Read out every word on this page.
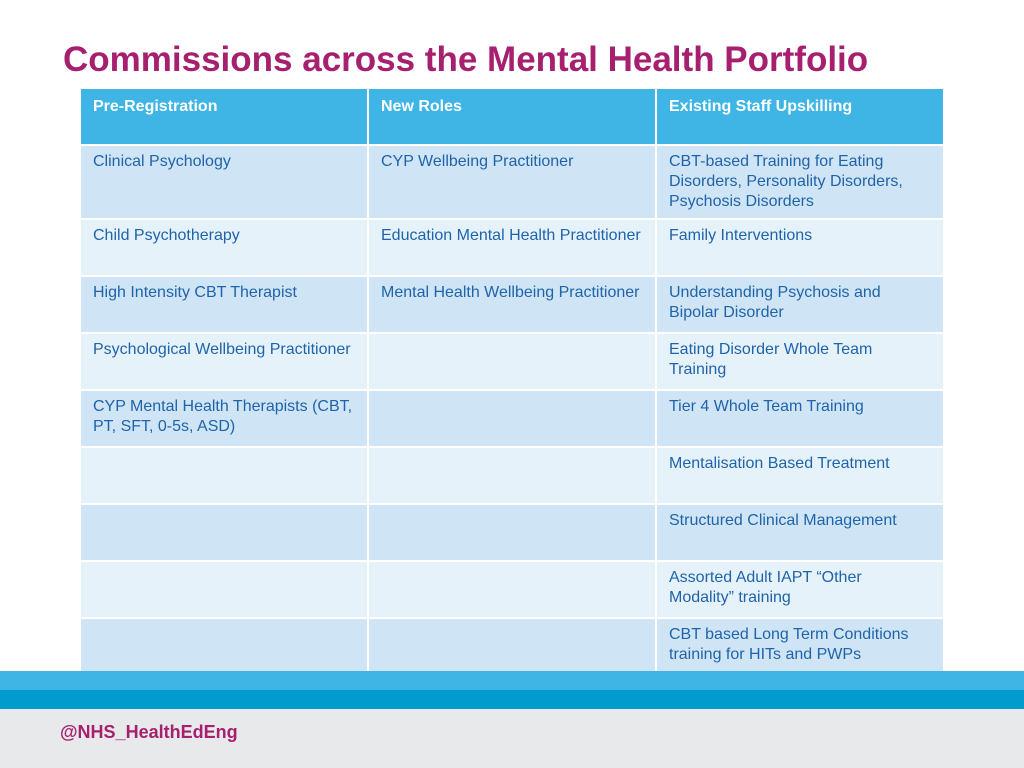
Commissions across the Mental Health Portfolio
Pre-Registration	New Roles	Existing Staff Upskilling
Clinical Psychology	CYP Wellbeing Practitioner	CBT-based Training for Eating Disorders, Personality Disorders, Psychosis Disorders
Child Psychotherapy	Education Mental Health Practitioner	Family Interventions
High Intensity CBT Therapist	Mental Health Wellbeing Practitioner	Understanding Psychosis and Bipolar Disorder
Psychological Wellbeing Practitioner		Eating Disorder Whole Team Training
CYP Mental Health Therapists (CBT, PT, SFT, 0-5s, ASD)		Tier 4 Whole Team Training
		Mentalisation Based Treatment
		Structured Clinical Management
		Assorted Adult IAPT “Other Modality” training
		CBT based Long Term Conditions training for HITs and PWPs
@NHS_HealthEdEng
